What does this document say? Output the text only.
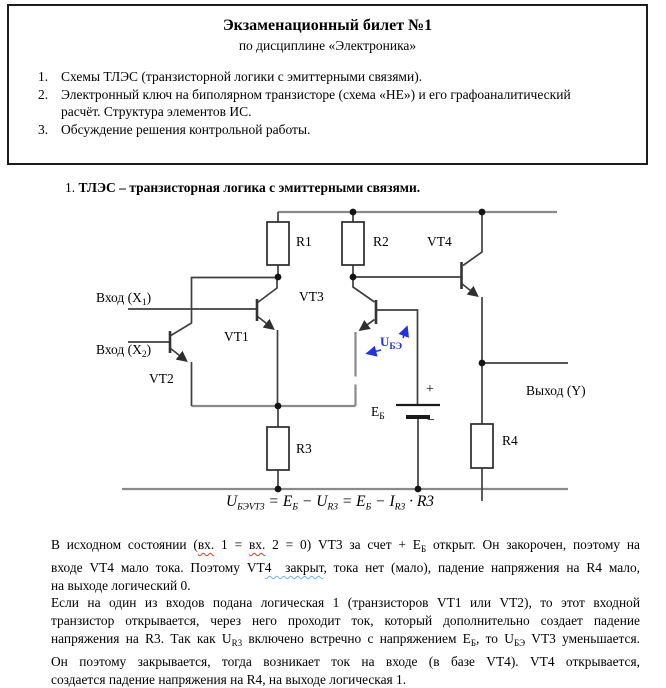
Экзаменационный билет №1
по дисциплине «Электроника»
1. Схемы ТЛЭС (транзисторной логики с эмиттерными связями).
2. Электронный ключ на биполярном транзисторе (схема «НЕ») и его графоаналитический
расчёт. Структура элементов ИС.
3. Обсуждение решения контрольной работы.
1. ТЛЭС – транзисторная логика с эмиттерными связями.
R1	R2	VT4
VT3
VT1
VT2
R3
R4
Вход $(X_1)$
Вход $(X_2)$
Выход (Y)
$Е_Б$
+
−
$U_{БЭ}$
$U_{БЭVT3} = E_Б - U_{R3} = E_Б - I_{R3} \cdot R3$
В исходном состоянии (вх. 1 = вх. 2 = 0) VT3 за счет + $Е_Б$ открыт. Он закорочен, поэтому на
входе VT4 мало тока. Поэтому VT4  закрыт, тока нет (мало), падение напряжения на R4 мало,
на выходе логический 0.
Если на один из входов подана логическая 1 (транзисторов VT1 или VT2), то этот входной
транзистор открывается, через него проходит ток, который дополнительно создает падение
напряжения на R3. Так как $U_{R3}$ включено встречно с напряжением $Е_Б$, то $U_{БЭ}$ VT3 уменьшается.
Он поэтому закрывается, тогда возникает ток на входе (в базе VT4). VT4 открывается,
создается падение напряжения на R4, на выходе логическая 1.
